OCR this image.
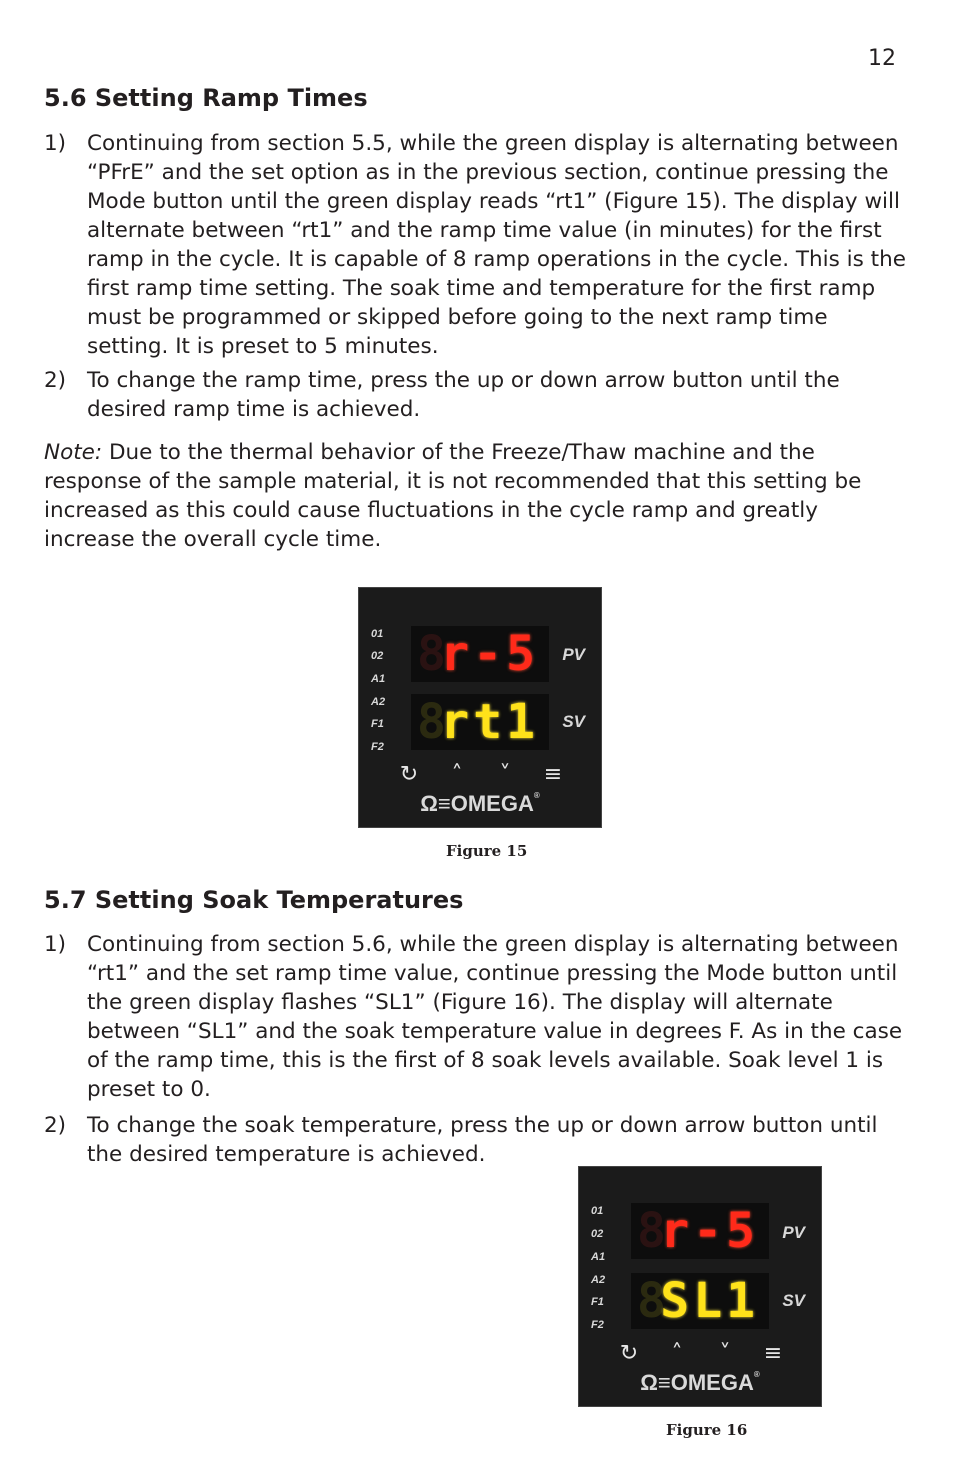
12
5.6 Setting Ramp Times
1) Continuing from section 5.5, while the green display is alternating between “PFrE” and the set option as in the previous section, continue pressing the Mode button until the green display reads “rt1” (Figure 15). The display will alternate between “rt1” and the ramp time value (in minutes) for the first ramp in the cycle. It is capable of 8 ramp operations in the cycle. This is the first ramp time setting. The soak time and temperature for the first ramp must be programmed or skipped before going to the next ramp time setting. It is preset to 5 minutes.
2) To change the ramp time, press the up or down arrow button until the desired ramp time is achieved.
Note: Due to the thermal behavior of the Freeze/Thaw machine and the response of the sample material, it is not recommended that this setting be increased as this could cause fluctuations in the cycle ramp and greatly increase the overall cycle time.
01
02
A1
A2
F1
F2
8
r-5 PV
8
rt1 SV
↻	˄	˅	≡
Ω≡OMEGA®
Figure 15
5.7 Setting Soak Temperatures
1) Continuing from section 5.6, while the green display is alternating between “rt1” and the set ramp time value, continue pressing the Mode button until the green display flashes “SL1” (Figure 16). The display will alternate between “SL1” and the soak temperature value in degrees F. As in the case of the ramp time, this is the first of 8 soak levels available. Soak level 1 is preset to 0.
2) To change the soak temperature, press the up or down arrow button until the desired temperature is achieved.
01
02
A1
A2
F1
F2
8
r-5 PV
8
SL1 SV
↻	˄	˅	≡
Ω≡OMEGA®
Figure 16
